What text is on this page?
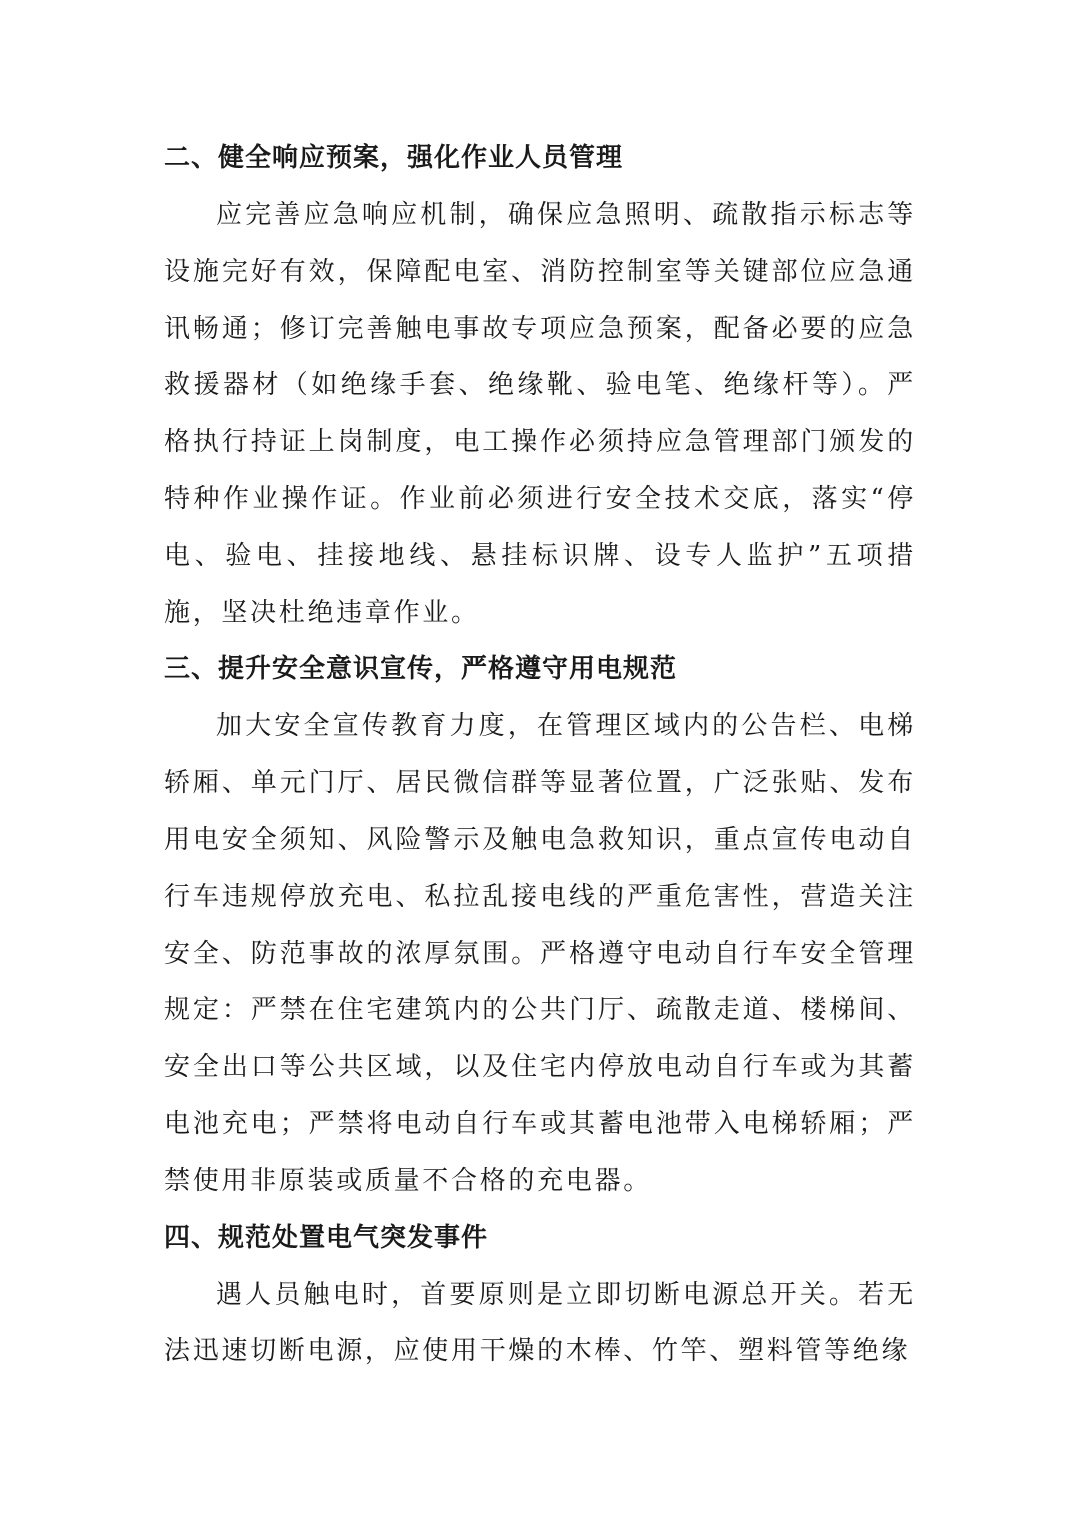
二、健全响应预案，强化作业人员管理

应完善应急响应机制，确保应急照明、疏散指示标志等设施完好有效，保障配电室、消防控制室等关键部位应急通讯畅通；修订完善触电事故专项应急预案，配备必要的应急救援器材（如绝缘手套、绝缘靴、验电笔、绝缘杆等）。严格执行持证上岗制度，电工操作必须持应急管理部门颁发的特种作业操作证。作业前必须进行安全技术交底，落实“停电、验电、挂接地线、悬挂标识牌、设专人监护”五项措施，坚决杜绝违章作业。

三、提升安全意识宣传，严格遵守用电规范

加大安全宣传教育力度，在管理区域内的公告栏、电梯轿厢、单元门厅、居民微信群等显著位置，广泛张贴、发布用电安全须知、风险警示及触电急救知识，重点宣传电动自行车违规停放充电、私拉乱接电线的严重危害性，营造关注安全、防范事故的浓厚氛围。严格遵守电动自行车安全管理规定：严禁在住宅建筑内的公共门厅、疏散走道、楼梯间、安全出口等公共区域，以及住宅内停放电动自行车或为其蓄电池充电；严禁将电动自行车或其蓄电池带入电梯轿厢；严禁使用非原装或质量不合格的充电器。

四、规范处置电气突发事件

遇人员触电时，首要原则是立即切断电源总开关。若无法迅速切断电源，应使用干燥的木棒、竹竿、塑料管等绝缘
